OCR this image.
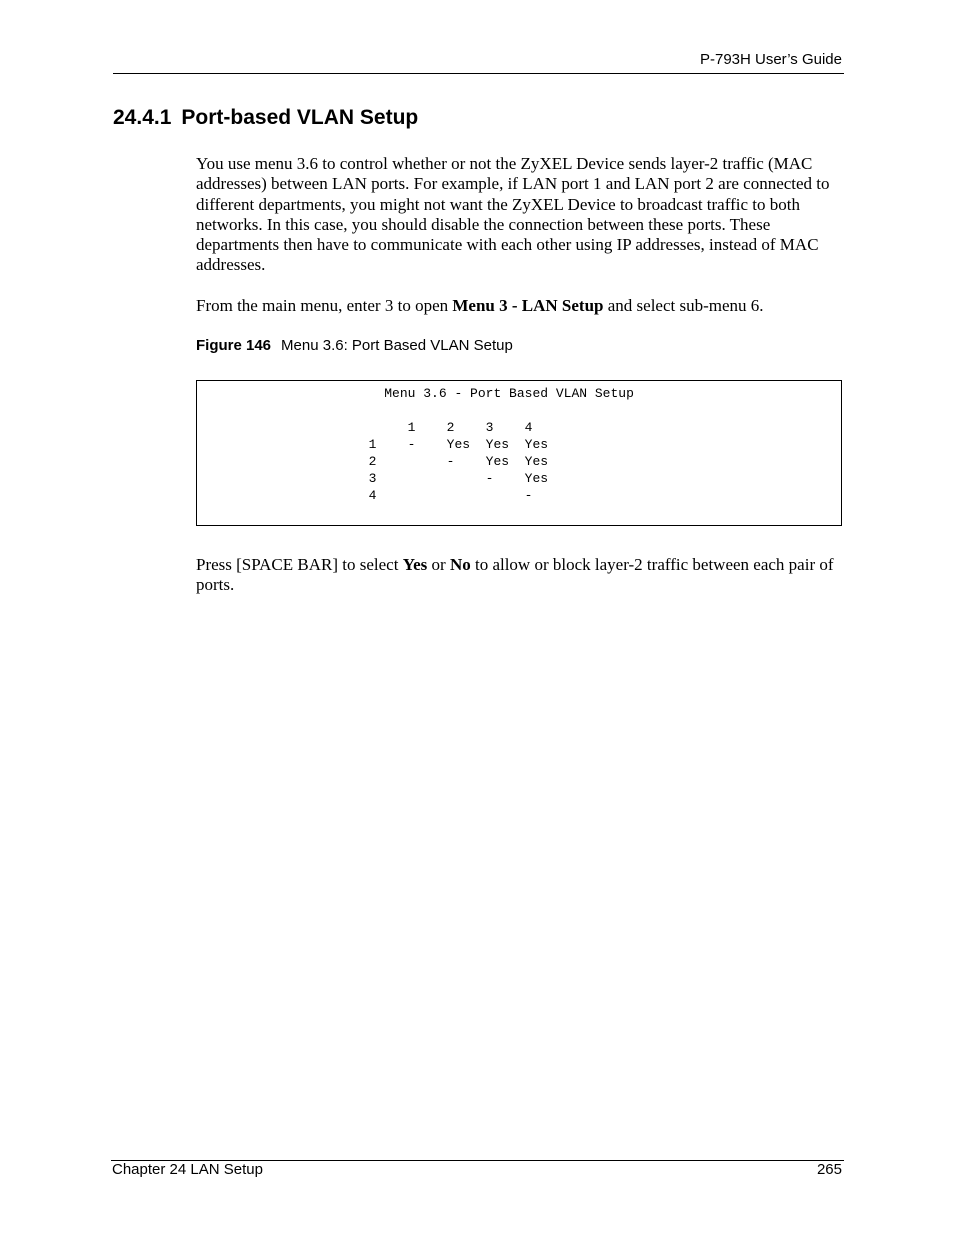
P-793H User’s Guide
24.4.1 Port-based VLAN Setup

You use menu 3.6 to control whether or not the ZyXEL Device sends layer-2 traffic (MAC addresses) between LAN ports. For example, if LAN port 1 and LAN port 2 are connected to different departments, you might not want the ZyXEL Device to broadcast traffic to both networks. In this case, you should disable the connection between these ports. These departments then have to communicate with each other using IP addresses, instead of MAC addresses.

From the main menu, enter 3 to open Menu 3 - LAN Setup and select sub-menu 6.

Figure 146 Menu 3.6: Port Based VLAN Setup
Menu 3.6 - Port Based VLAN Setup
1    2    3    4
1    -    Yes  Yes  Yes
2         -    Yes  Yes
3              -    Yes
4                   -

Press [SPACE BAR] to select Yes or No to allow or block layer-2 traffic between each pair of ports.

Chapter 24 LAN Setup	265
